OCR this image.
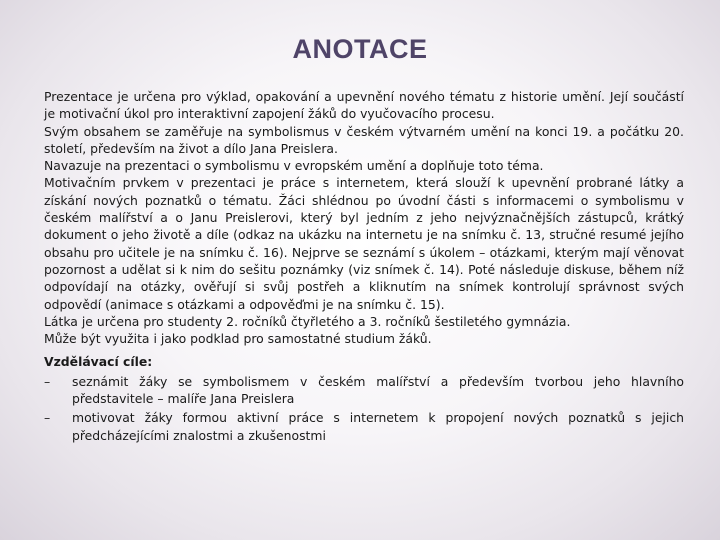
ANOTACE

Prezentace je určena pro výklad, opakování a upevnění nového tématu z historie umění. Její součástí je motivační úkol pro interaktivní zapojení žáků do vyučovacího procesu.

Svým obsahem se zaměřuje na symbolismus v českém výtvarném umění na konci 19. a počátku 20. století, především na život a dílo Jana Preislera.

Navazuje na prezentaci o symbolismu v evropském umění a doplňuje toto téma.

Motivačním prvkem v prezentaci je práce s internetem, která slouží k upevnění probrané látky a získání nových poznatků o tématu. Žáci shlédnou po úvodní části s informacemi o symbolismu v českém malířství a o Janu Preislerovi, který byl jedním z jeho nejvýznačnějších zástupců, krátký dokument o jeho životě a díle (odkaz na ukázku na internetu je na snímku č. 13, stručné resumé jejího obsahu pro učitele je na snímku č. 16). Nejprve se seznámí s úkolem – otázkami, kterým mají věnovat pozornost a udělat si k nim do sešitu poznámky (viz snímek č. 14). Poté následuje diskuse, během níž odpovídají na otázky, ověřují si svůj postřeh a kliknutím na snímek kontrolují správnost svých odpovědí (animace s otázkami a odpověďmi je na snímku č. 15).

Látka je určena pro studenty 2. ročníků čtyřletého a 3. ročníků šestiletého gymnázia.

Může být využita i jako podklad pro samostatné studium žáků.

Vzdělávací cíle:

– seznámit žáky se symbolismem v českém malířství a především tvorbou jeho hlavního představitele – malíře Jana Preislera
– motivovat žáky formou aktivní práce s internetem k propojení nových poznatků s jejich předcházejícími znalostmi a zkušenostmi
